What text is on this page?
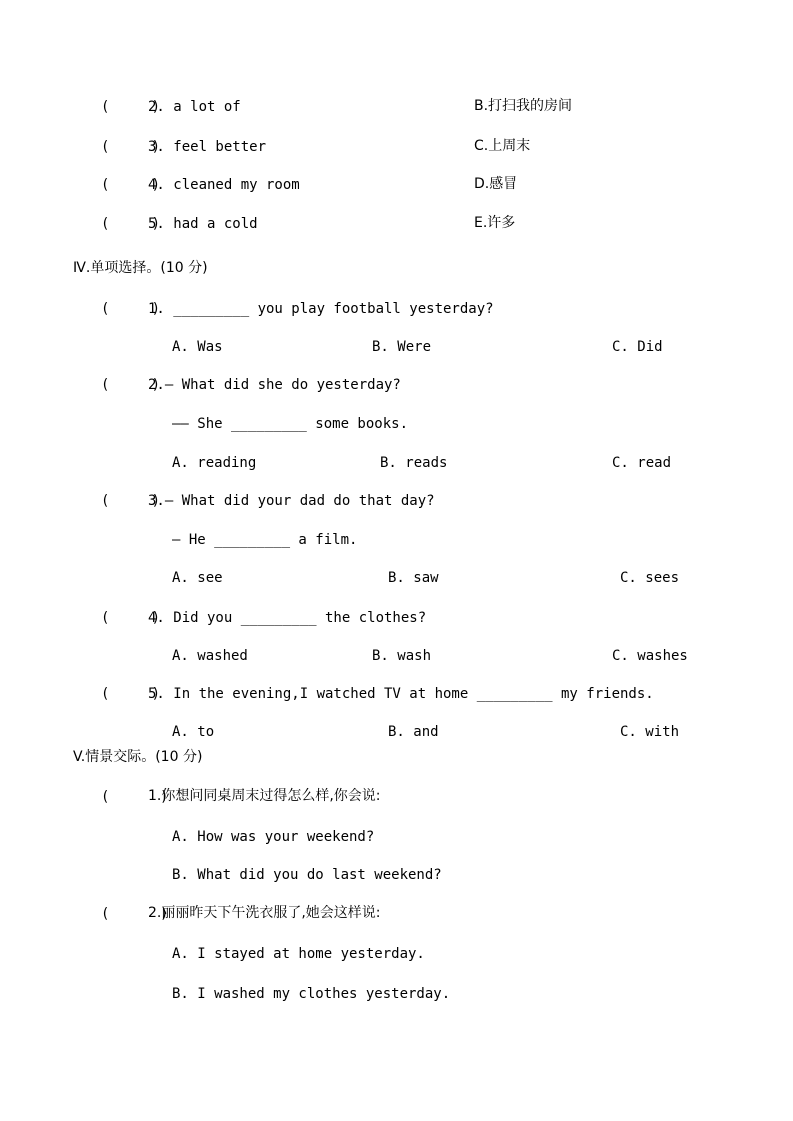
(     )
2. a lot of	B.打扫我的房间
(     )
3. feel better	C.上周末
(     )
4. cleaned my room	D.感冒
(     )
5. had a cold	E.许多
Ⅳ.单项选择。(10 分)
(     )
1. _________ you play football yesterday?
A. Was	B. Were	C. Did
(     )
2.— What did she do yesterday?
—— She _________ some books.
A. reading	B. reads	C. read
(     )
3.— What did your dad do that day?
— He _________ a film.
A. see	B. saw	C. sees
(     )
4. Did you _________ the clothes?
A. washed	B. wash	C. washes
(     )
5. In the evening,I watched TV at home _________ my friends.
A. to	B. and	C. with
V.情景交际。(10 分)
(      )
1.你想问同桌周末过得怎么样,你会说:
A. How was your weekend?
B. What did you do last weekend?
(      )
2.丽丽昨天下午洗衣服了,她会这样说:
A. I stayed at home yesterday.
B. I washed my clothes yesterday.
